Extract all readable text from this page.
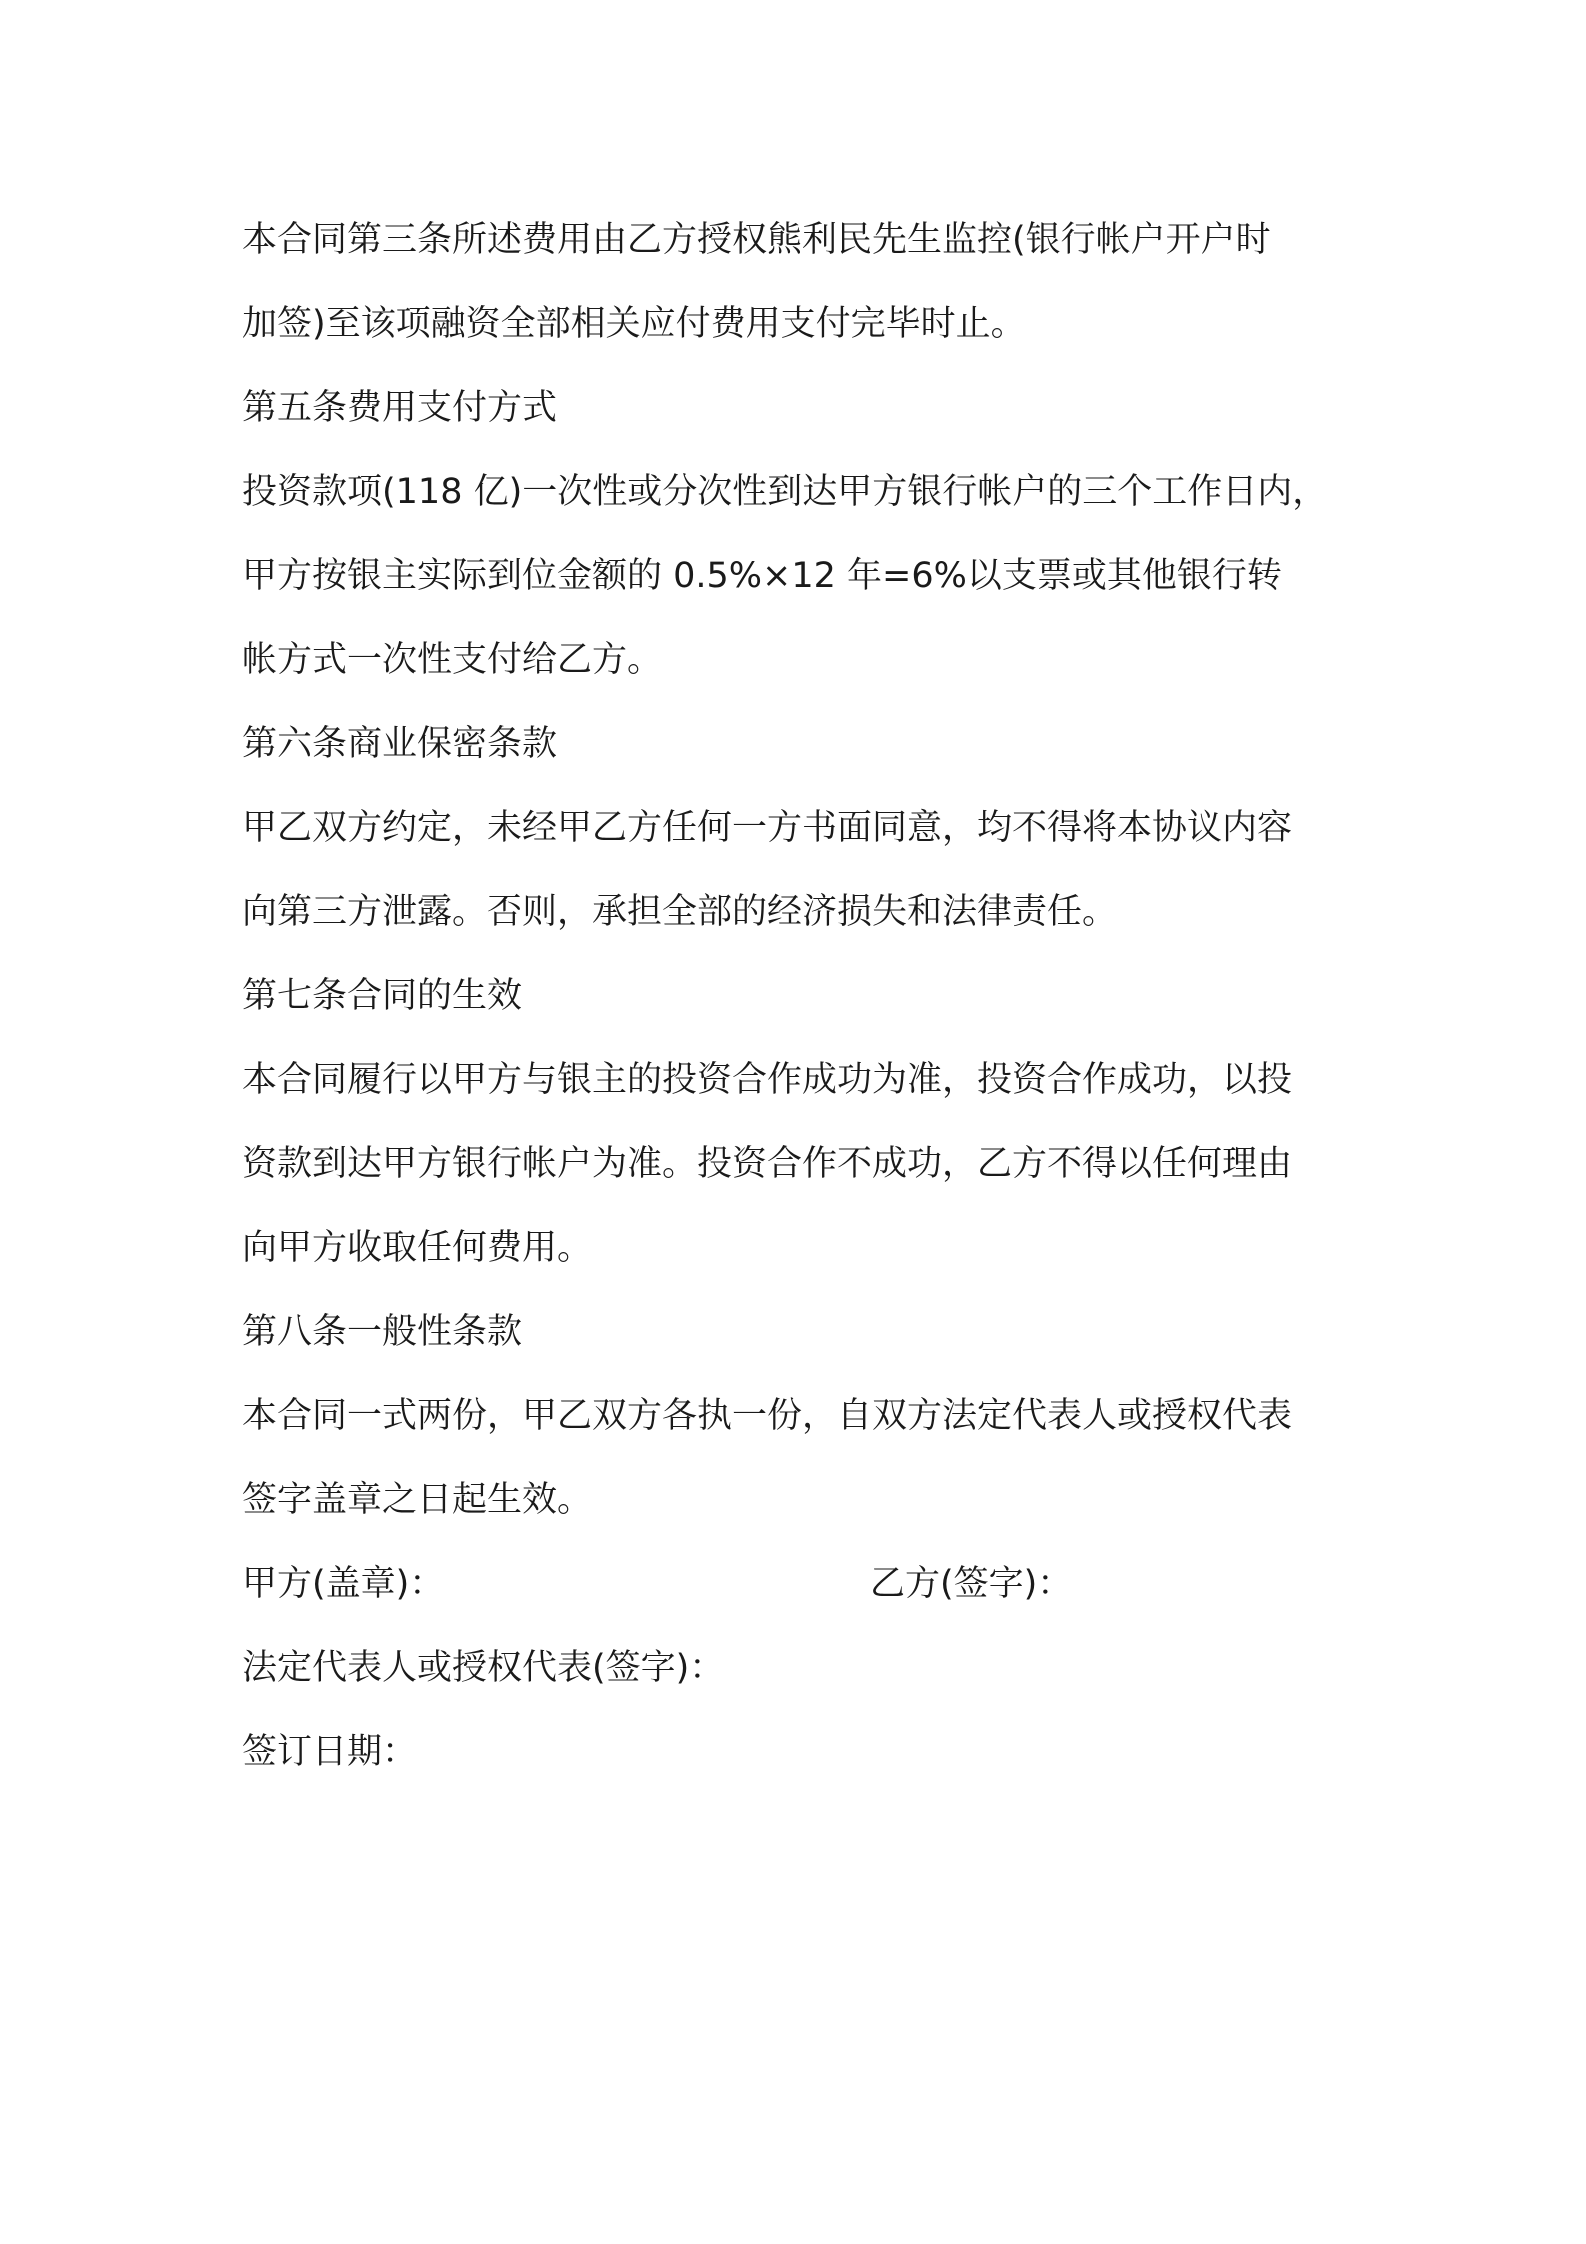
本合同第三条所述费用由乙方授权熊利民先生监控(银行帐户开户时
加签)至该项融资全部相关应付费用支付完毕时止。
第五条费用支付方式
投资款项(118 亿)一次性或分次性到达甲方银行帐户的三个工作日内，
甲方按银主实际到位金额的 0.5%×12 年=6%以支票或其他银行转
帐方式一次性支付给乙方。
第六条商业保密条款
甲乙双方约定，未经甲乙方任何一方书面同意，均不得将本协议内容
向第三方泄露。否则，承担全部的经济损失和法律责任。
第七条合同的生效
本合同履行以甲方与银主的投资合作成功为准，投资合作成功，以投
资款到达甲方银行帐户为准。投资合作不成功，乙方不得以任何理由
向甲方收取任何费用。
第八条一般性条款
本合同一式两份，甲乙双方各执一份，自双方法定代表人或授权代表
签字盖章之日起生效。
甲方(盖章)：	乙方(签字)：
法定代表人或授权代表(签字)：
签订日期：
